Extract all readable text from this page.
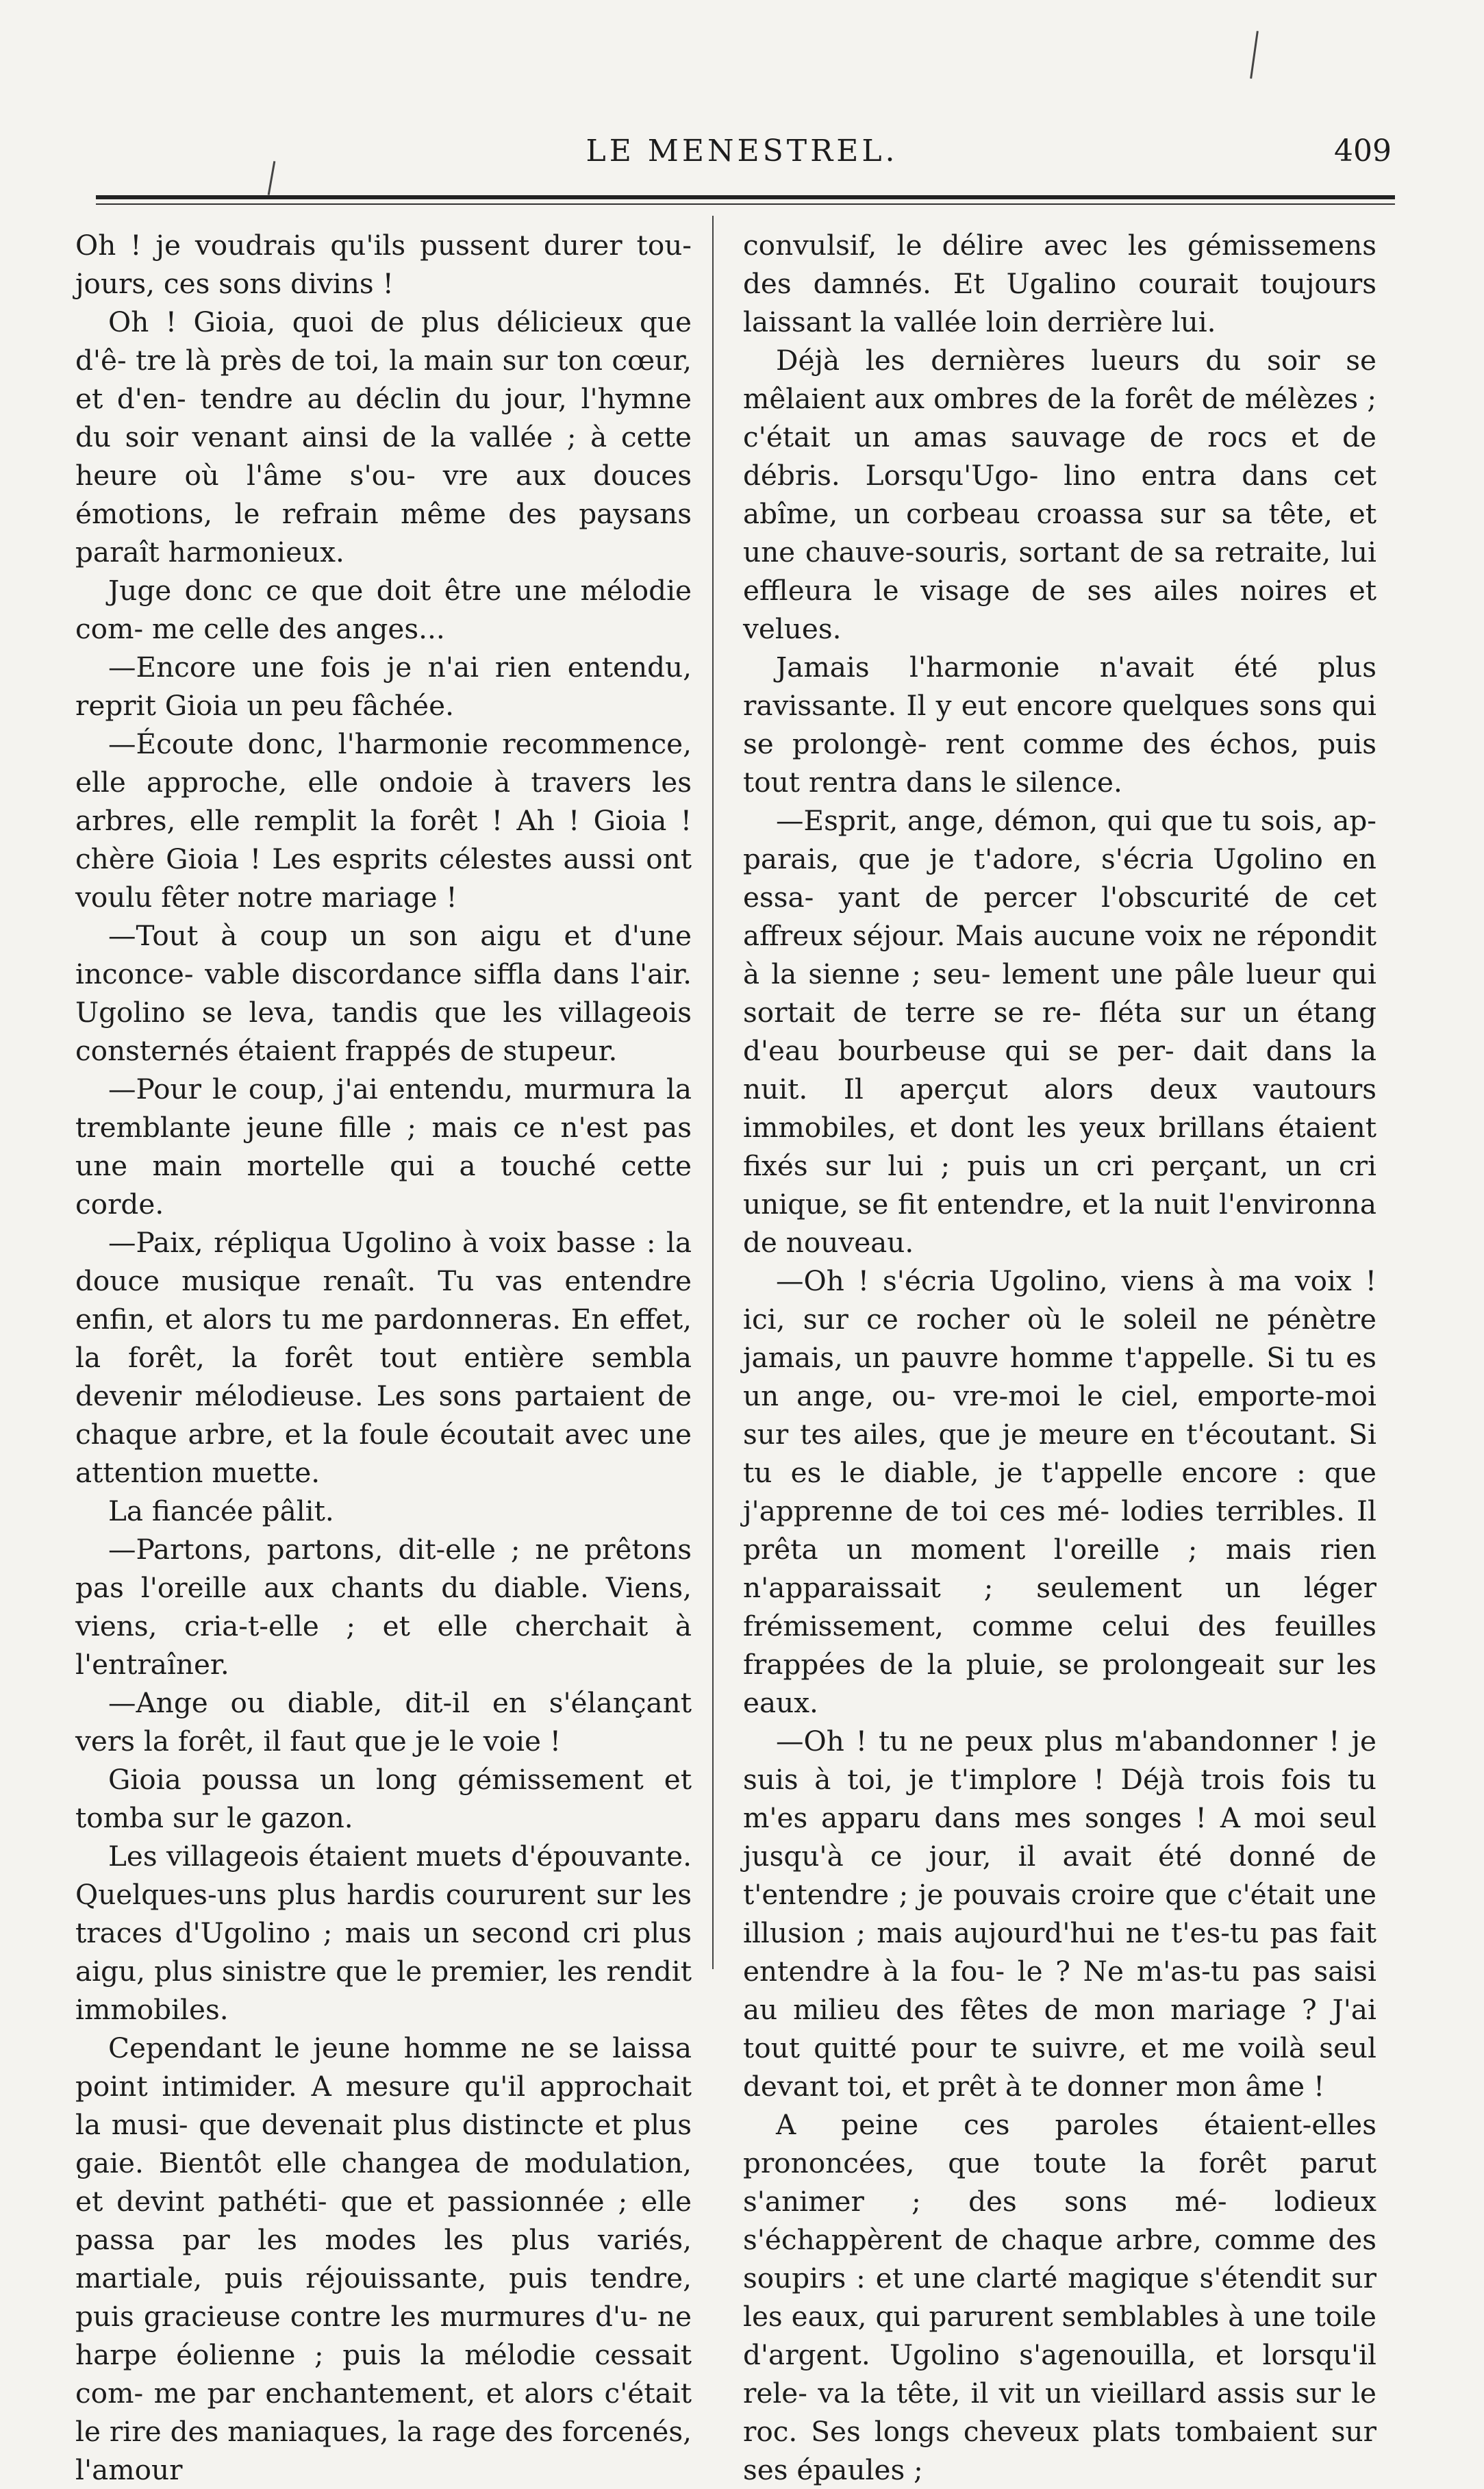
LE MENESTREL.	409

Oh ! je voudrais qu'ils pussent durer tou- jours, ces sons divins !

Oh ! Gioia, quoi de plus délicieux que d'ê- tre là près de toi, la main sur ton cœur, et d'en- tendre au déclin du jour, l'hymne du soir venant ainsi de la vallée ; à cette heure où l'âme s'ou- vre aux douces émotions, le refrain même des paysans paraît harmonieux.

Juge donc ce que doit être une mélodie com- me celle des anges...

—Encore une fois je n'ai rien entendu, reprit Gioia un peu fâchée.

—Écoute donc, l'harmonie recommence, elle approche, elle ondoie à travers les arbres, elle remplit la forêt ! Ah ! Gioia ! chère Gioia ! Les esprits célestes aussi ont voulu fêter notre mariage !

—Tout à coup un son aigu et d'une inconce- vable discordance siffla dans l'air. Ugolino se leva, tandis que les villageois consternés étaient frappés de stupeur.

—Pour le coup, j'ai entendu, murmura la tremblante jeune fille ; mais ce n'est pas une main mortelle qui a touché cette corde.

—Paix, répliqua Ugolino à voix basse : la douce musique renaît. Tu vas entendre enfin, et alors tu me pardonneras. En effet, la forêt, la forêt tout entière sembla devenir mélodieuse. Les sons partaient de chaque arbre, et la foule écoutait avec une attention muette.

La fiancée pâlit.

—Partons, partons, dit-elle ; ne prêtons pas l'oreille aux chants du diable. Viens, viens, cria-t-elle ; et elle cherchait à l'entraîner.

—Ange ou diable, dit-il en s'élançant vers la forêt, il faut que je le voie !

Gioia poussa un long gémissement et tomba sur le gazon.

Les villageois étaient muets d'épouvante. Quelques-uns plus hardis coururent sur les traces d'Ugolino ; mais un second cri plus aigu, plus sinistre que le premier, les rendit immobiles.

Cependant le jeune homme ne se laissa point intimider. A mesure qu'il approchait la musi- que devenait plus distincte et plus gaie. Bientôt elle changea de modulation, et devint pathéti- que et passionnée ; elle passa par les modes les plus variés, martiale, puis réjouissante, puis tendre, puis gracieuse contre les murmures d'u- ne harpe éolienne ; puis la mélodie cessait com- me par enchantement, et alors c'était le rire des maniaques, la rage des forcenés, l'amour

convulsif, le délire avec les gémissemens des damnés. Et Ugalino courait toujours laissant la vallée loin derrière lui.

Déjà les dernières lueurs du soir se mêlaient aux ombres de la forêt de mélèzes ; c'était un amas sauvage de rocs et de débris. Lorsqu'Ugo- lino entra dans cet abîme, un corbeau croassa sur sa tête, et une chauve-souris, sortant de sa retraite, lui effleura le visage de ses ailes noires et velues.

Jamais l'harmonie n'avait été plus ravissante. Il y eut encore quelques sons qui se prolongè- rent comme des échos, puis tout rentra dans le silence.

—Esprit, ange, démon, qui que tu sois, ap- parais, que je t'adore, s'écria Ugolino en essa- yant de percer l'obscurité de cet affreux séjour. Mais aucune voix ne répondit à la sienne ; seu- lement une pâle lueur qui sortait de terre se re- fléta sur un étang d'eau bourbeuse qui se per- dait dans la nuit. Il aperçut alors deux vautours immobiles, et dont les yeux brillans étaient fixés sur lui ; puis un cri perçant, un cri unique, se fit entendre, et la nuit l'environna de nouveau.

—Oh ! s'écria Ugolino, viens à ma voix ! ici, sur ce rocher où le soleil ne pénètre jamais, un pauvre homme t'appelle. Si tu es un ange, ou- vre-moi le ciel, emporte-moi sur tes ailes, que je meure en t'écoutant. Si tu es le diable, je t'appelle encore : que j'apprenne de toi ces mé- lodies terribles. Il prêta un moment l'oreille ; mais rien n'apparaissait ; seulement un léger frémissement, comme celui des feuilles frappées de la pluie, se prolongeait sur les eaux.

—Oh ! tu ne peux plus m'abandonner ! je suis à toi, je t'implore ! Déjà trois fois tu m'es apparu dans mes songes ! A moi seul jusqu'à ce jour, il avait été donné de t'entendre ; je pouvais croire que c'était une illusion ; mais aujourd'hui ne t'es-tu pas fait entendre à la fou- le ? Ne m'as-tu pas saisi au milieu des fêtes de mon mariage ? J'ai tout quitté pour te suivre, et me voilà seul devant toi, et prêt à te donner mon âme !

A peine ces paroles étaient-elles prononcées, que toute la forêt parut s'animer ; des sons mé- lodieux s'échappèrent de chaque arbre, comme des soupirs : et une clarté magique s'étendit sur les eaux, qui parurent semblables à une toile d'argent. Ugolino s'agenouilla, et lorsqu'il rele- va la tête, il vit un vieillard assis sur le roc. Ses longs cheveux plats tombaient sur ses épaules ;
